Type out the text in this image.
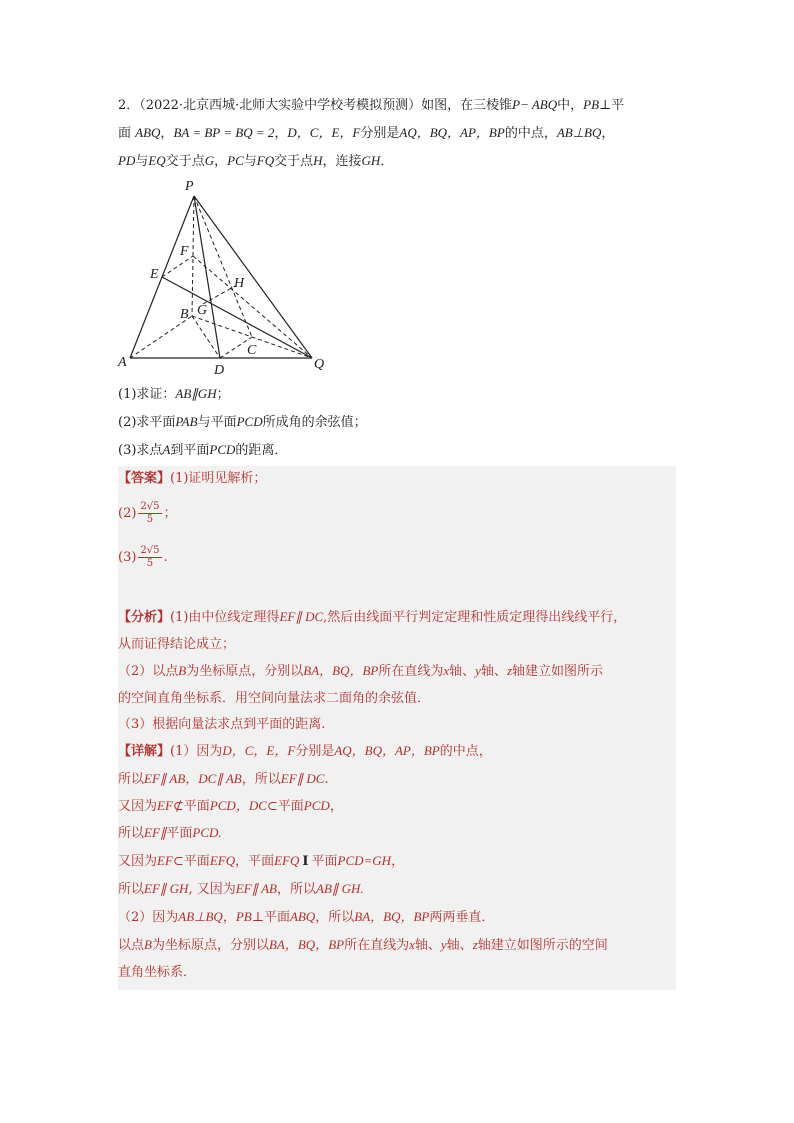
2．（2022·北京西城·北师大实验中学校考模拟预测）如图，在三棱锥P− ABQ中，PB⊥平
面 ABQ，BA = BP = BQ = 2，D，C，E，F分别是AQ，BQ，AP，BP的中点，AB⊥BQ，
PD与EQ交于点G，PC与FQ交于点H，连接GH．
P
F
E
H
B G
C
A
D	Q
(1)求证：AB∥GH；
(2)求平面PAB与平面PCD所成角的余弦值；
(3)求点A到平面PCD的距离．
【答案】(1)证明见解析；
$(2) \frac{2√5}{5}$ ；
$(3) \frac{2√5}{5}$ .
【分析】(1)由中位线定理得EF∥ DC,然后由线面平行判定定理和性质定理得出线线平行，
从而证得结论成立；
（2）以点B为坐标原点，分别以BA，BQ，BP所在直线为x轴、y轴、z轴建立如图所示
的空间直角坐标系．用空间向量法求二面角的余弦值．
（3）根据向量法求点到平面的距离.
【详解】(1）因为D，C，E，F分别是AQ，BQ，AP，BP的中点，
所以EF∥ AB，DC∥ AB，所以EF∥ DC.
又因为EF⊄平面PCD，DC⊂平面PCD，
所以EF∥平面PCD.
又因为EF⊂平面EFQ，平面EFQ I 平面PCD=GH，
所以EF∥ GH, 又因为EF∥ AB，所以AB∥ GH.
（2）因为AB⊥BQ，PB⊥平面ABQ，所以BA，BQ，BP两两垂直．
以点B为坐标原点，分别以BA，BQ，BP所在直线为x轴、y轴、z轴建立如图所示的空间
直角坐标系．
